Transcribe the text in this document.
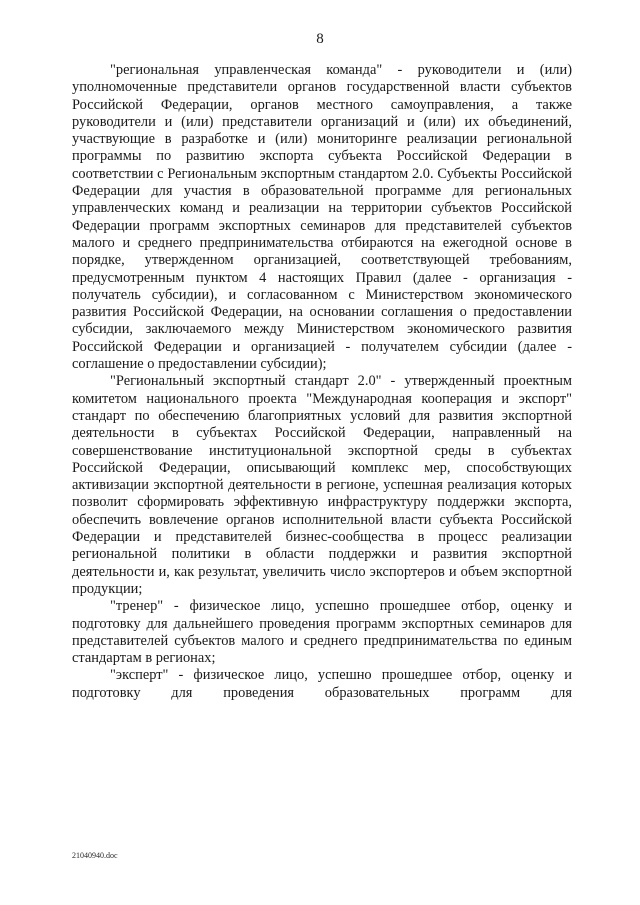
8

"региональная управленческая команда" - руководители и (или) уполномоченные представители органов государственной власти субъектов Российской Федерации, органов местного самоуправления, а также руководители и (или) представители организаций и (или) их объединений, участвующие в разработке и (или) мониторинге реализации региональной программы по развитию экспорта субъекта Российской Федерации в соответствии с Региональным экспортным стандартом 2.0. Субъекты Российской Федерации для участия в образовательной программе для региональных управленческих команд и реализации на территории субъектов Российской Федерации программ экспортных семинаров для представителей субъектов малого и среднего предпринимательства отбираются на ежегодной основе в порядке, утвержденном организацией, соответствующей требованиям, предусмотренным пунктом 4 настоящих Правил (далее - организация - получатель субсидии), и согласованном с Министерством экономического развития Российской Федерации, на основании соглашения о предоставлении субсидии, заключаемого между Министерством экономического развития Российской Федерации и организацией - получателем субсидии (далее - соглашение о предоставлении субсидии);

"Региональный экспортный стандарт 2.0" - утвержденный проектным комитетом национального проекта "Международная кооперация и экспорт" стандарт по обеспечению благоприятных условий для развития экспортной деятельности в субъектах Российской Федерации, направленный на совершенствование институциональной экспортной среды в субъектах Российской Федерации, описывающий комплекс мер, способствующих активизации экспортной деятельности в регионе, успешная реализация которых позволит сформировать эффективную инфраструктуру поддержки экспорта, обеспечить вовлечение органов исполнительной власти субъекта Российской Федерации и представителей бизнес-сообщества в процесс реализации региональной политики в области поддержки и развития экспортной деятельности и, как результат, увеличить число экспортеров и объем экспортной продукции;

"тренер" - физическое лицо, успешно прошедшее отбор, оценку и подготовку для дальнейшего проведения программ экспортных семинаров для представителей субъектов малого и среднего предпринимательства по единым стандартам в регионах;

"эксперт" - физическое лицо, успешно прошедшее отбор, оценку и подготовку для проведения образовательных программ для

21040940.doc
